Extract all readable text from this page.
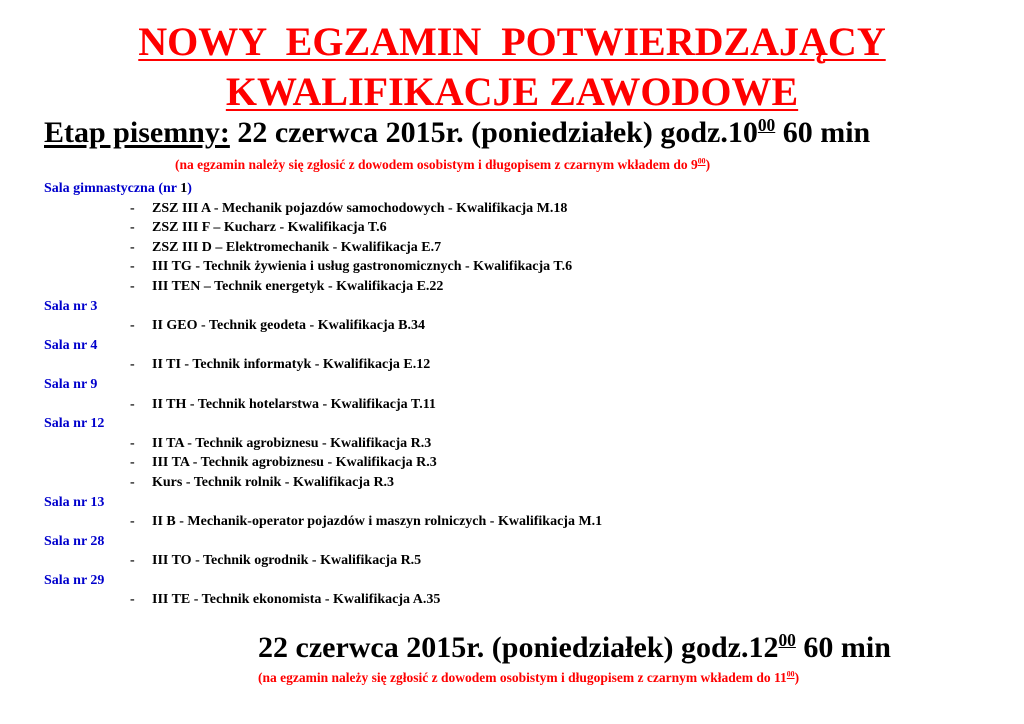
NOWY  EGZAMIN  POTWIERDZAJĄCY
KWALIFIKACJE ZAWODOWE
Etap pisemny: 22 czerwca 2015r. (poniedziałek) $godz.10^{00}$ 60 min
(na egzamin należy się zgłosić z dowodem osobistym i długopisem z czarnym wkładem do $9^{00}$)
Sala gimnastyczna (nr 1)
- ZSZ III A - Mechanik pojazdów samochodowych - Kwalifikacja M.18
- ZSZ III F – Kucharz - Kwalifikacja T.6
- ZSZ III D – Elektromechanik - Kwalifikacja E.7
- III TG - Technik żywienia i usług gastronomicznych - Kwalifikacja T.6
- III TEN – Technik energetyk - Kwalifikacja E.22
Sala nr 3
- II GEO - Technik geodeta - Kwalifikacja B.34
Sala nr 4
- II TI - Technik informatyk - Kwalifikacja E.12
Sala nr 9
- II TH - Technik hotelarstwa - Kwalifikacja T.11
Sala nr 12
- II TA - Technik agrobiznesu - Kwalifikacja R.3
- III TA - Technik agrobiznesu - Kwalifikacja R.3
- Kurs - Technik rolnik - Kwalifikacja R.3
Sala nr 13
- II B - Mechanik-operator pojazdów i maszyn rolniczych - Kwalifikacja M.1
Sala nr 28
- III TO - Technik ogrodnik - Kwalifikacja R.5
Sala nr 29
- III TE - Technik ekonomista - Kwalifikacja A.35
22 czerwca 2015r. (poniedziałek) $godz.12^{00}$ 60 min
(na egzamin należy się zgłosić z dowodem osobistym i długopisem z czarnym wkładem do $11^{00}$)
